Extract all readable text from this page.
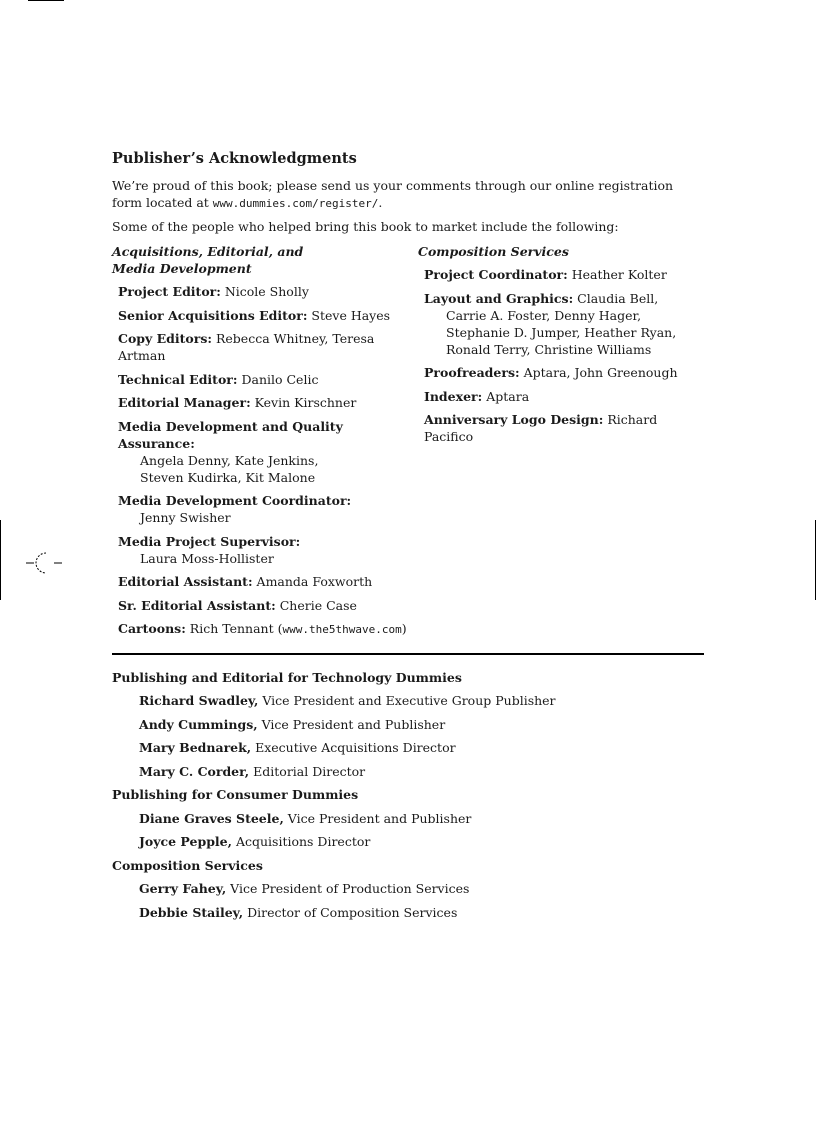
Publisher’s Acknowledgments

We’re proud of this book; please send us your comments through our online registration form located at www.dummies.com/register/.

Some of the people who helped bring this book to market include the following:

Acquisitions, Editorial, and
Media Development
Project Editor: Nicole Sholly
Senior Acquisitions Editor: Steve Hayes
Copy Editors: Rebecca Whitney, Teresa Artman
Technical Editor: Danilo Celic
Editorial Manager: Kevin Kirschner
Media Development and Quality Assurance:
Angela Denny, Kate Jenkins,
Steven Kudirka, Kit Malone
Media Development Coordinator:
Jenny Swisher
Media Project Supervisor:
Laura Moss-Hollister
Editorial Assistant: Amanda Foxworth
Sr. Editorial Assistant: Cherie Case
Cartoons: Rich Tennant (www.the5thwave.com)
Composition Services
Project Coordinator: Heather Kolter
Layout and Graphics: Claudia Bell,
Carrie A. Foster, Denny Hager,
Stephanie D. Jumper, Heather Ryan,
Ronald Terry, Christine Williams
Proofreaders: Aptara, John Greenough
Indexer: Aptara
Anniversary Logo Design: Richard Pacifico
Publishing and Editorial for Technology Dummies
Richard Swadley, Vice President and Executive Group Publisher
Andy Cummings, Vice President and Publisher
Mary Bednarek, Executive Acquisitions Director
Mary C. Corder, Editorial Director
Publishing for Consumer Dummies
Diane Graves Steele, Vice President and Publisher
Joyce Pepple, Acquisitions Director
Composition Services
Gerry Fahey, Vice President of Production Services
Debbie Stailey, Director of Composition Services
